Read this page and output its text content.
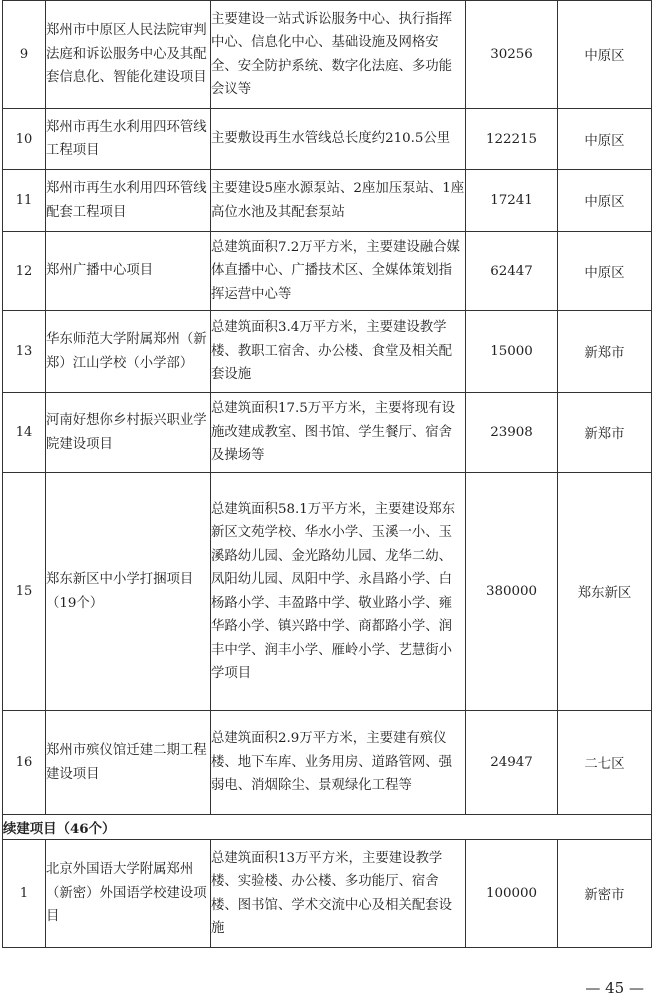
9	郑州市中原区人民法院审判法庭和诉讼服务中心及其配套信息化、智能化建设项目	主要建设一站式诉讼服务中心、执行指挥中心、信息化中心、基础设施及网格安全、安全防护系统、数字化法庭、多功能会议等	30256	中原区
10	郑州市再生水利用四环管线工程项目	主要敷设再生水管线总长度约210.5公里	122215	中原区
11	郑州市再生水利用四环管线配套工程项目	主要建设5座水源泵站、2座加压泵站、1座高位水池及其配套泵站	17241	中原区
12	郑州广播中心项目	总建筑面积7.2万平方米，主要建设融合媒体直播中心、广播技术区、全媒体策划指挥运营中心等	62447	中原区
13	华东师范大学附属郑州（新郑）江山学校（小学部）	总建筑面积3.4万平方米，主要建设教学楼、教职工宿舍、办公楼、食堂及相关配套设施	15000	新郑市
14	河南好想你乡村振兴职业学院建设项目	总建筑面积17.5万平方米，主要将现有设施改建成教室、图书馆、学生餐厅、宿舍及操场等	23908	新郑市
15	郑东新区中小学打捆项目（19个）	总建筑面积58.1万平方米，主要建设郑东新区文苑学校、华水小学、玉溪一小、玉溪路幼儿园、金光路幼儿园、龙华二幼、凤阳幼儿园、凤阳中学、永昌路小学、白杨路小学、丰盈路中学、敬业路小学、雍华路小学、镇兴路中学、商都路小学、润丰中学、润丰小学、雁岭小学、艺慧街小学项目	380000	郑东新区
16	郑州市殡仪馆迁建二期工程建设项目	总建筑面积2.9万平方米，主要建有殡仪楼、地下车库、业务用房、道路管网、强弱电、消烟除尘、景观绿化工程等	24947	二七区
续建项目（46个）				
1	北京外国语大学附属郑州（新密）外国语学校建设项目	总建筑面积13万平方米，主要建设教学楼、实验楼、办公楼、多功能厅、宿舍楼、图书馆、学术交流中心及相关配套设施	100000	新密市
— 45 —
